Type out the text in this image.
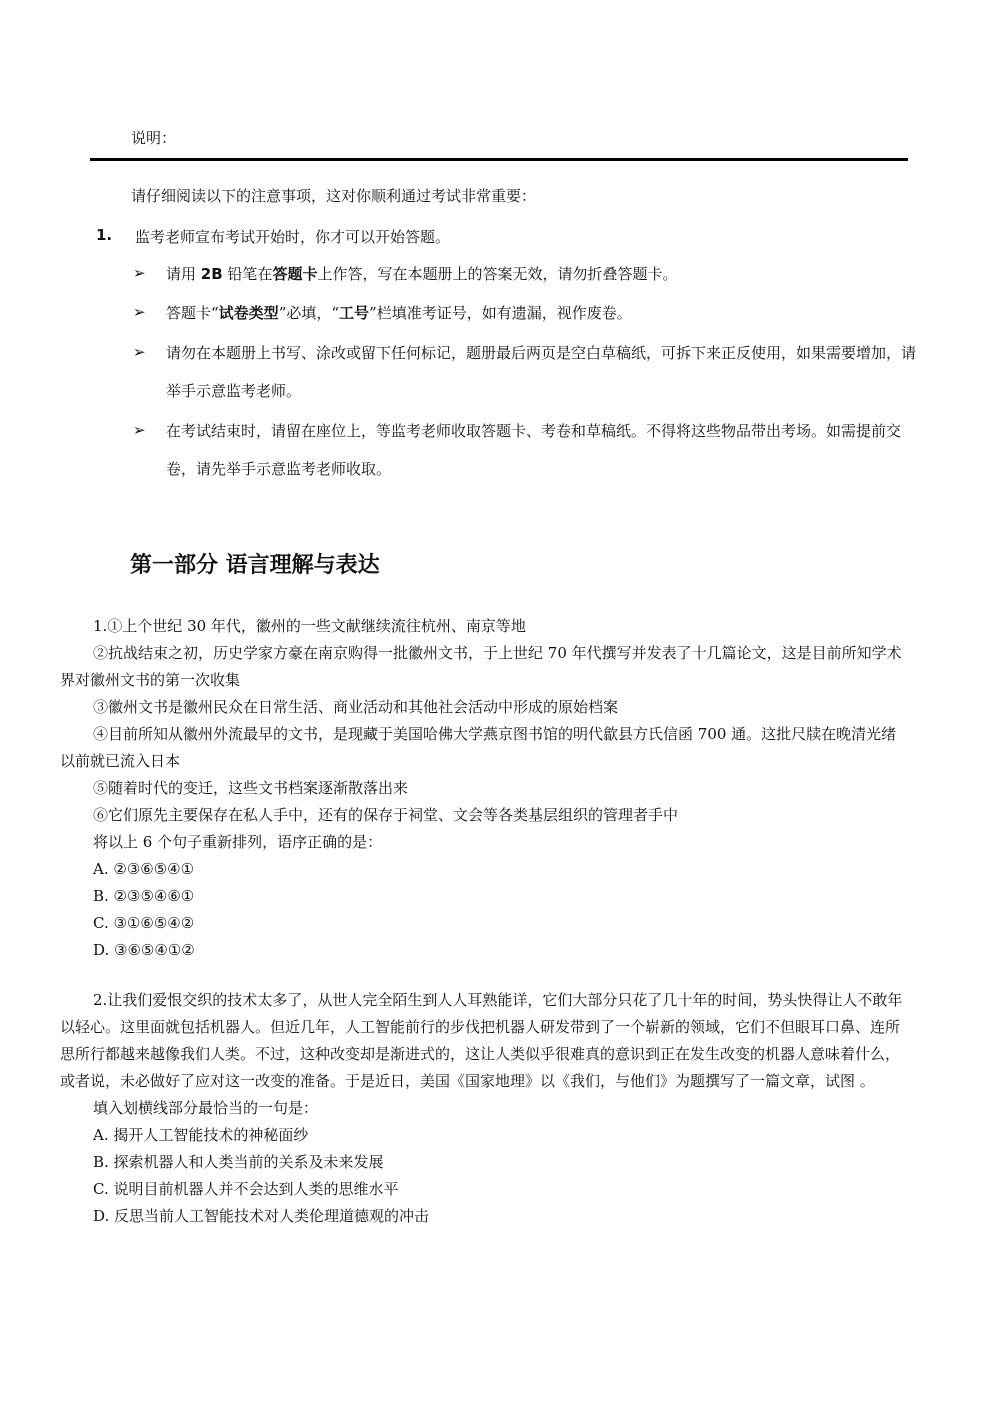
说明：
请仔细阅读以下的注意事项，这对你顺利通过考试非常重要：
1. 监考老师宣布考试开始时，你才可以开始答题。
➢	请用 2B 铅笔在答题卡上作答，写在本题册上的答案无效，请勿折叠答题卡。
➢	答题卡“试卷类型”必填，“工号”栏填准考证号，如有遗漏，视作废卷。
➢	请勿在本题册上书写、涂改或留下任何标记，题册最后两页是空白草稿纸，可拆下来正反使用，如果需要增加，请举手示意监考老师。
➢	在考试结束时，请留在座位上，等监考老师收取答题卡、考卷和草稿纸。不得将这些物品带出考场。如需提前交卷，请先举手示意监考老师收取。
第一部分 语言理解与表达

1.①上个世纪 30 年代，徽州的一些文献继续流往杭州、南京等地

②抗战结束之初，历史学家方豪在南京购得一批徽州文书，于上世纪 70 年代撰写并发表了十几篇论文，这是目前所知学术界对徽州文书的第一次收集

③徽州文书是徽州民众在日常生活、商业活动和其他社会活动中形成的原始档案

④目前所知从徽州外流最早的文书，是现藏于美国哈佛大学燕京图书馆的明代歙县方氏信函 700 通。这批尺牍在晚清光绪以前就已流入日本

⑤随着时代的变迁，这些文书档案逐渐散落出来

⑥它们原先主要保存在私人手中，还有的保存于祠堂、文会等各类基层组织的管理者手中

将以上 6 个句子重新排列，语序正确的是：

A. ②③⑥⑤④①

B. ②③⑤④⑥①

C. ③①⑥⑤④②

D. ③⑥⑤④①②

2.让我们爱恨交织的技术太多了，从世人完全陌生到人人耳熟能详，它们大部分只花了几十年的时间，势头快得让人不敢年以轻心。这里面就包括机器人。但近几年，人工智能前行的步伐把机器人研发带到了一个崭新的领域，它们不但眼耳口鼻、连所思所行都越来越像我们人类。不过，这种改变却是渐进式的，这让人类似乎很难真的意识到正在发生改变的机器人意味着什么，或者说，未必做好了应对这一改变的准备。于是近日，美国《国家地理》以《我们，与他们》为题撰写了一篇文章，试图 。

填入划横线部分最恰当的一句是：

A. 揭开人工智能技术的神秘面纱

B. 探索机器人和人类当前的关系及未来发展

C. 说明目前机器人并不会达到人类的思维水平

D. 反思当前人工智能技术对人类伦理道德观的冲击
